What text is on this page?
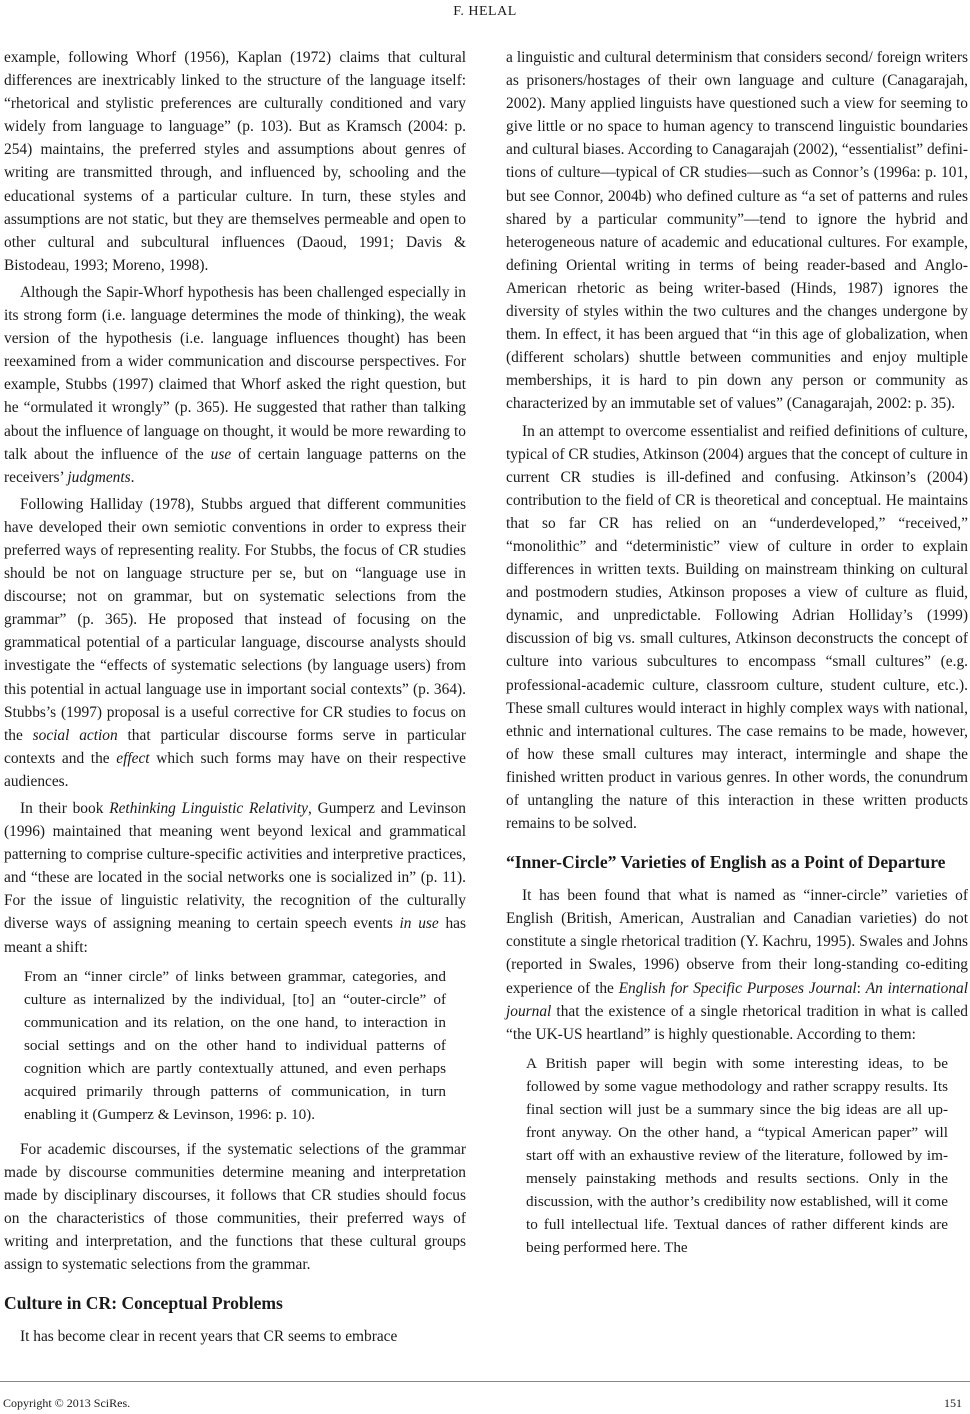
F. HELAL

example, following Whorf (1956), Kaplan (1972) claims that cultural differences are inextricably linked to the structure of the language itself: “rhetorical and stylistic preferences are culturally conditioned and vary widely from language to language” (p. 103). But as Kramsch (2004: p. 254) maintains, the preferred styles and assumptions about genres of writing are transmitted through, and influenced by, schooling and the educational systems of a particular culture. In turn, these styles and assumptions are not static, but they are themselves permeable and open to other cultural and subcultural influences (Daoud, 1991; Davis & Bistodeau, 1993; Moreno, 1998).

Although the Sapir-Whorf hypothesis has been challenged especially in its strong form (i.e. language determines the mode of thinking), the weak version of the hypothesis (i.e. language influences thought) has been reexamined from a wider communication and discourse perspectives. For example, Stubbs (1997) claimed that Whorf asked the right question, but he “ormulated it wrongly” (p. 365). He suggested that rather than talking about the influence of language on thought, it would be more rewarding to talk about the influence of the use of certain language patterns on the receivers’ judgments.

Following Halliday (1978), Stubbs argued that different communities have developed their own semiotic conventions in order to express their preferred ways of representing reality. For Stubbs, the focus of CR studies should be not on language structure per se, but on “language use in discourse; not on grammar, but on systematic selections from the grammar” (p. 365). He proposed that instead of focusing on the grammatical potential of a particular language, discourse analysts should investigate the “effects of systematic selections (by language users) from this potential in actual language use in important social contexts” (p. 364). Stubbs’s (1997) proposal is a useful corrective for CR studies to focus on the social action that particular discourse forms serve in particular contexts and the effect which such forms may have on their respective audiences.

In their book Rethinking Linguistic Relativity, Gumperz and Levinson (1996) maintained that meaning went beyond lexical and grammatical patterning to comprise culture-specific activities and interpretive practices, and “these are located in the social networks one is socialized in” (p. 11). For the issue of linguistic relativity, the recognition of the culturally diverse ways of assigning meaning to certain speech events in use has meant a shift:

From an “inner circle” of links between grammar, categories, and culture as internalized by the individual, [to] an “outer-circle” of communication and its relation, on the one hand, to interaction in social settings and on the other hand to individual patterns of cognition which are partly contextually attuned, and even perhaps acquired primarily through patterns of communication, in turn enabling it (Gumperz & Levinson, 1996: p. 10).

For academic discourses, if the systematic selections of the grammar made by discourse communities determine meaning and interpretation made by disciplinary discourses, it follows that CR studies should focus on the characteristics of those communities, their preferred ways of writing and interpretation, and the functions that these cultural groups assign to systematic selections from the grammar.

Culture in CR: Conceptual Problems

It has become clear in recent years that CR seems to embrace

a linguistic and cultural determinism that considers second/ foreign writers as prisoners/hostages of their own language and culture (Canagarajah, 2002). Many applied linguists have questioned such a view for seeming to give little or no space to human agency to transcend linguistic boundaries and cultural biases. According to Canagarajah (2002), “essentialist” definitions of culture—typical of CR studies—such as Connor’s (1996a: p. 101, but see Connor, 2004b) who defined culture as “a set of patterns and rules shared by a particular community”—tend to ignore the hybrid and heterogeneous nature of academic and educational cultures. For example, defining Oriental writing in terms of being reader-based and Anglo-American rhetoric as being writer-based (Hinds, 1987) ignores the diversity of styles within the two cultures and the changes undergone by them. In effect, it has been argued that “in this age of globalization, when (different scholars) shuttle between communities and enjoy multiple memberships, it is hard to pin down any person or community as characterized by an immutable set of values” (Canagarajah, 2002: p. 35).

In an attempt to overcome essentialist and reified definitions of culture, typical of CR studies, Atkinson (2004) argues that the concept of culture in current CR studies is ill-defined and confusing. Atkinson’s (2004) contribution to the field of CR is theoretical and conceptual. He maintains that so far CR has relied on an “underdeveloped,” “received,” “monolithic” and “deterministic” view of culture in order to explain differences in written texts. Building on mainstream thinking on cultural and postmodern studies, Atkinson proposes a view of culture as fluid, dynamic, and unpredictable. Following Adrian Holliday’s (1999) discussion of big vs. small cultures, Atkinson deconstructs the concept of culture into various subcultures to encompass “small cultures” (e.g. professional-academic culture, classroom culture, student culture, etc.). These small cultures would interact in highly complex ways with national, ethnic and international cultures. The case remains to be made, however, of how these small cultures may interact, intermingle and shape the finished written product in various genres. In other words, the conundrum of untangling the nature of this interaction in these written products remains to be solved.

“Inner-Circle” Varieties of English as a Point of Departure

It has been found that what is named as “inner-circle” varieties of English (British, American, Australian and Canadian varieties) do not constitute a single rhetorical tradition (Y. Kachru, 1995). Swales and Johns (reported in Swales, 1996) observe from their long-standing co-editing experience of the English for Specific Purposes Journal: An international journal that the existence of a single rhetorical tradition in what is called “the UK-US heartland” is highly questionable. According to them:

A British paper will begin with some interesting ideas, to be followed by some vague methodology and rather scrappy results. Its final section will just be a summary since the big ideas are all up-front anyway. On the other hand, a “typical American paper” will start off with an exhaustive review of the literature, followed by immensely painstaking methods and results sections. Only in the discussion, with the author’s credibility now established, will it come to full intellectual life. Textual dances of rather different kinds are being performed here. The
Copyright © 2013 SciRes.	151
